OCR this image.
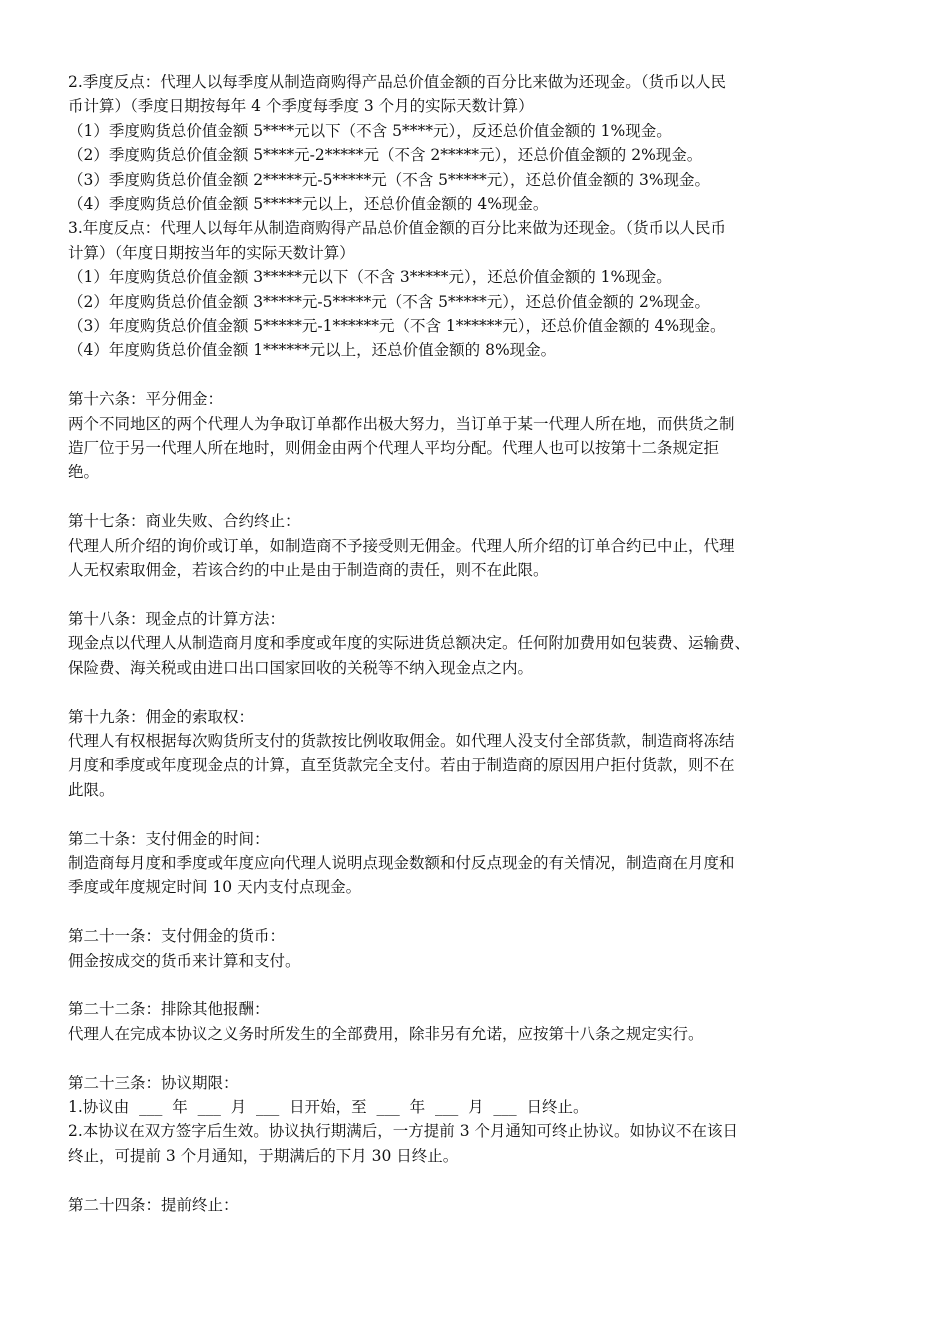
2.季度反点：代理人以每季度从制造商购得产品总价值金额的百分比来做为还现金。（货币以人民
币计算）（季度日期按每年 4 个季度每季度 3 个月的实际天数计算）
（1）季度购货总价值金额 5****元以下（不含 5****元），反还总价值金额的 1%现金。
（2）季度购货总价值金额 5****元-2*****元（不含 2*****元），还总价值金额的 2%现金。
（3）季度购货总价值金额 2*****元-5*****元（不含 5*****元），还总价值金额的 3%现金。
（4）季度购货总价值金额 5*****元以上，还总价值金额的 4%现金。
3.年度反点：代理人以每年从制造商购得产品总价值金额的百分比来做为还现金。（货币以人民币
计算）（年度日期按当年的实际天数计算）
（1）年度购货总价值金额 3*****元以下（不含 3*****元），还总价值金额的 1%现金。
（2）年度购货总价值金额 3*****元-5*****元（不含 5*****元），还总价值金额的 2%现金。
（3）年度购货总价值金额 5*****元-1******元（不含 1******元），还总价值金额的 4%现金。
（4）年度购货总价值金额 1******元以上，还总价值金额的 8%现金。
第十六条：平分佣金：
两个不同地区的两个代理人为争取订单都作出极大努力，当订单于某一代理人所在地，而供货之制
造厂位于另一代理人所在地时，则佣金由两个代理人平均分配。代理人也可以按第十二条规定拒
绝。
第十七条：商业失败、合约终止：
代理人所介绍的询价或订单，如制造商不予接受则无佣金。代理人所介绍的订单合约已中止，代理
人无权索取佣金，若该合约的中止是由于制造商的责任，则不在此限。
第十八条：现金点的计算方法：
现金点以代理人从制造商月度和季度或年度的实际进货总额决定。任何附加费用如包装费、运输费、
保险费、海关税或由进口出口国家回收的关税等不纳入现金点之内。
第十九条：佣金的索取权：
代理人有权根据每次购货所支付的货款按比例收取佣金。如代理人没支付全部货款，制造商将冻结
月度和季度或年度现金点的计算，直至货款完全支付。若由于制造商的原因用户拒付货款，则不在
此限。
第二十条：支付佣金的时间：
制造商每月度和季度或年度应向代理人说明点现金数额和付反点现金的有关情况，制造商在月度和
季度或年度规定时间 10 天内支付点现金。
第二十一条：支付佣金的货币：
佣金按成交的货币来计算和支付。
第二十二条：排除其他报酬：
代理人在完成本协议之义务时所发生的全部费用，除非另有允诺，应按第十八条之规定实行。
第二十三条：协议期限：
1.协议由  ___  年  ___  月  ___  日开始，至  ___  年  ___  月  ___  日终止。
2.本协议在双方签字后生效。协议执行期满后，一方提前 3 个月通知可终止协议。如协议不在该日
终止，可提前 3 个月通知，于期满后的下月 30 日终止。
第二十四条：提前终止：
